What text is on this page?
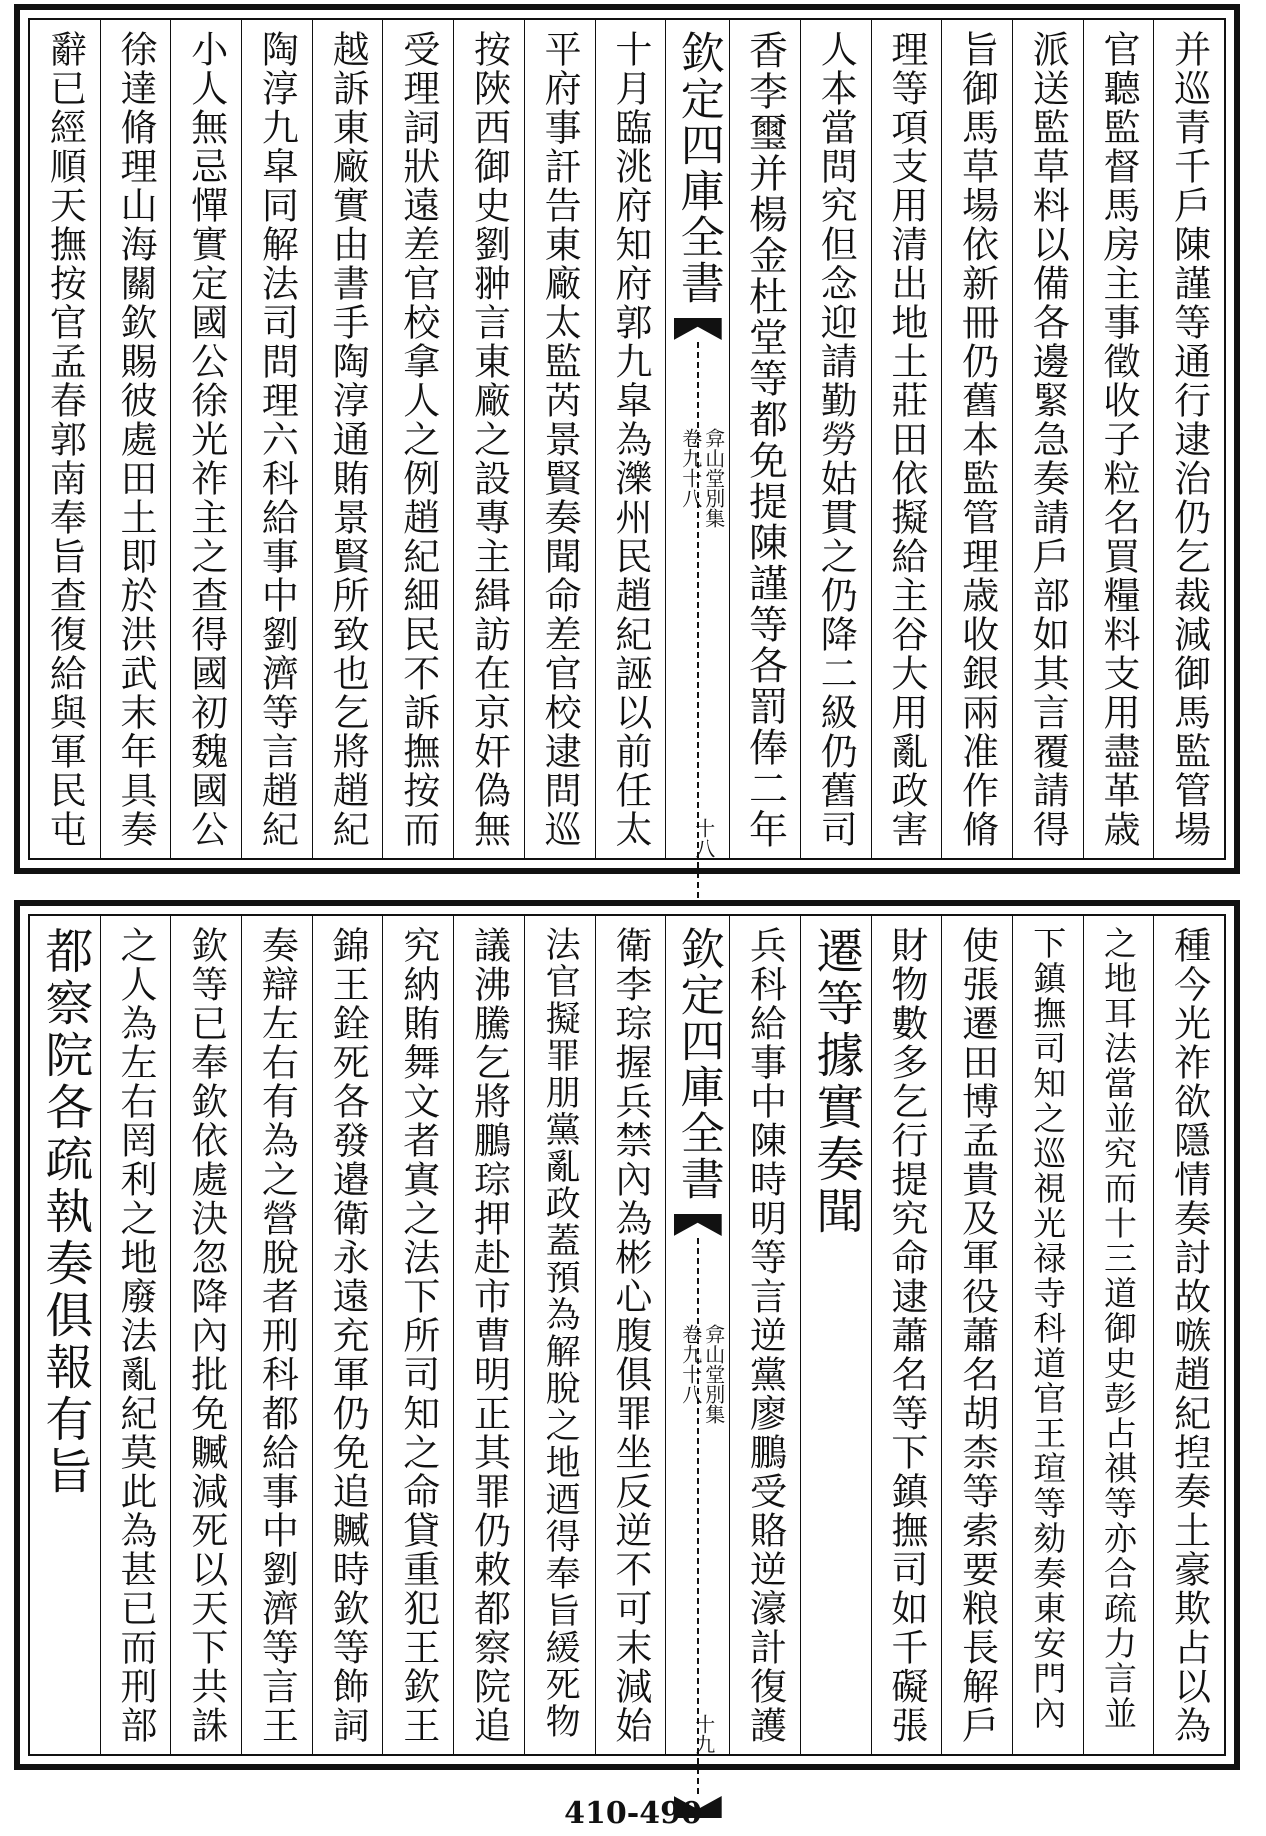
并巡青千戶陳謹等通行逮治仍乞裁減御馬監管場
官聽監督馬房主事徵收子粒名買糧料支用盡革歳
派送監草料以備各邊緊急奏請戶部如其言覆請得
旨御馬草場依新冊仍舊本監管理歳收銀兩准作脩
理等項支用清出地土莊田依擬給主谷大用亂政害
人本當問究但念迎請勤勞姑貫之仍降二級仍舊司
香李璽并楊金杜堂等都免提陳謹等各罰俸二年
欽定四庫全書
弇山堂別集
卷九十八
十八
十月臨洮府知府郭九皐為濼州民趙紀誣以前任太
平府事訐告東廠太監芮景賢奏聞命差官校逮問巡
按陜西御史劉翀言東廠之設專主緝訪在京奸偽無
受理詞狀遠差官校拿人之例趙紀細民不訴撫按而
越訴東廠實由書手陶淳通賄景賢所致也乞將趙紀
陶淳九皐同解法司問理六科給事中劉濟等言趙紀
小人無忌憚實定國公徐光祚主之查得國初魏國公
徐達脩理山海關欽賜彼處田土即於洪武末年具奏
辭已經順天撫按官孟春郭南奉旨查復給與軍民屯
種今光祚欲隱情奏討故嗾趙紀揑奏土豪欺占以為
之地耳法當並究而十三道御史彭占祺等亦合疏力言並
下鎮撫司知之巡視光禄寺科道官王瑄等劾奏東安門內
使張遷田博孟貴及軍役蕭名胡柰等索要粮長解戶
財物數多乞行提究命逮蕭名等下鎮撫司如千礙張
遷等據實奏聞
兵科給事中陳時明等言逆黨廖鵬受賂逆濠計復護
欽定四庫全書
弇山堂別集
卷九十八
十九
衛李琮握兵禁內為彬心腹俱罪坐反逆不可末減始
法官擬罪朋黨亂政蓋預為解脫之地迺得奉旨緩死物
議沸騰乞將鵬琮押赴市曹明正其罪仍敕都察院追
究納賄舞文者寘之法下所司知之命貸重犯王欽王
錦王銓死各發邉衛永遠充軍仍免追贓時欽等飾詞
奏辯左右有為之營脫者刑科都給事中劉濟等言王
欽等已奉欽依處決忽降內批免贓減死以天下共誅
之人為左右罔利之地廢法亂紀莫此為甚已而刑部
都察院各疏執奏俱報有旨
410-490
